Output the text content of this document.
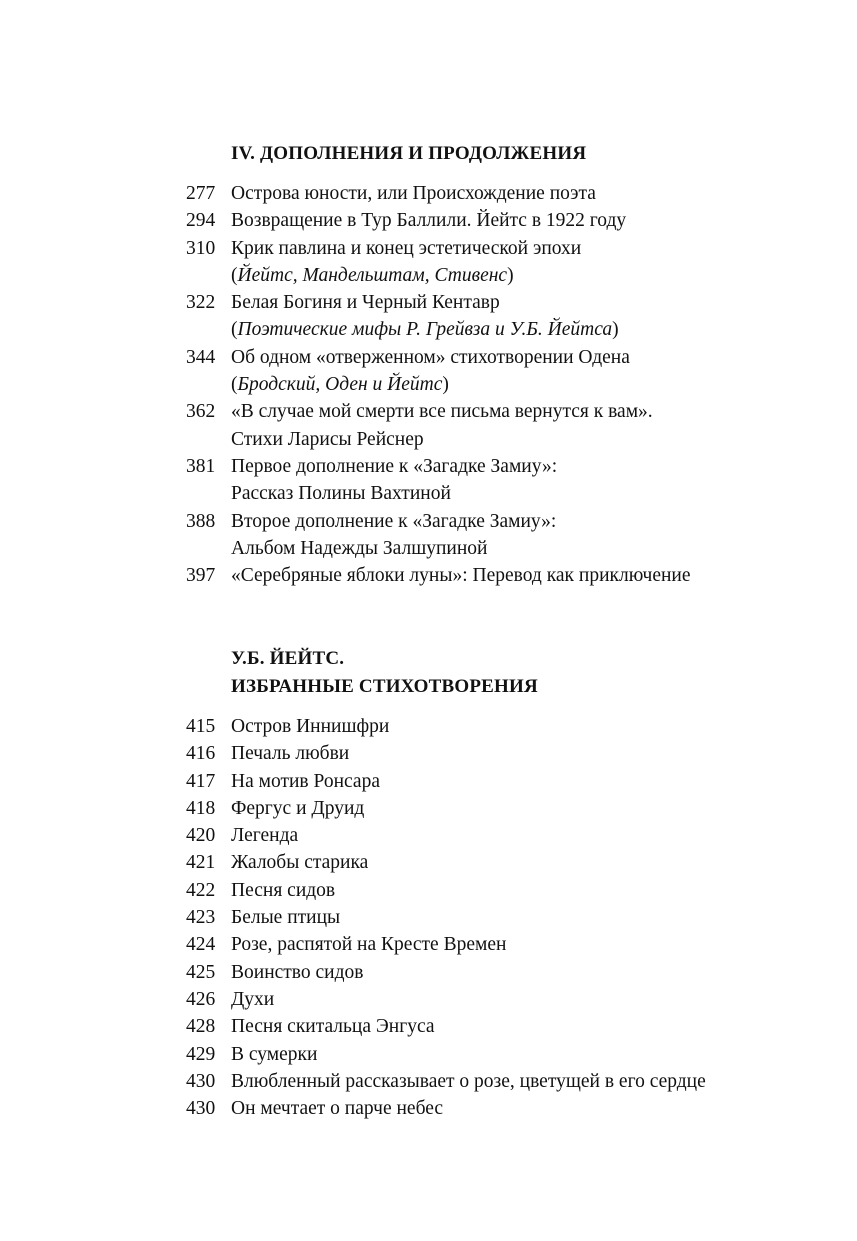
IV. ДОПОЛНЕНИЯ И ПРОДОЛЖЕНИЯ
277 Острова юности, или Происхождение поэта
294 Возвращение в Тур Баллили. Йейтс в 1922 году
310 Крик павлина и конец эстетической эпохи
(Йейтс, Мандельштам, Стивенс)
322 Белая Богиня и Черный Кентавр
(Поэтические мифы Р. Грейвза и У.Б. Йейтса)
344 Об одном «отверженном» стихотворении Одена
(Бродский, Оден и Йейтс)
362 «В случае мой смерти все письма вернутся к вам».
Стихи Ларисы Рейснер
381 Первое дополнение к «Загадке Замиу»:
Рассказ Полины Вахтиной
388 Второе дополнение к «Загадке Замиу»:
Альбом Надежды Залшупиной
397 «Серебряные яблоки луны»: Перевод как приключение
У.Б. ЙЕЙТС.
ИЗБРАННЫЕ СТИХОТВОРЕНИЯ
415 Остров Иннишфри
416 Печаль любви
417 На мотив Ронсара
418 Фергус и Друид
420 Легенда
421 Жалобы старика
422 Песня сидов
423 Белые птицы
424 Розе, распятой на Кресте Времен
425 Воинство сидов
426 Духи
428 Песня скитальца Энгуса
429 В сумерки
430 Влюбленный рассказывает о розе, цветущей в его сердце
430 Он мечтает о парче небес
